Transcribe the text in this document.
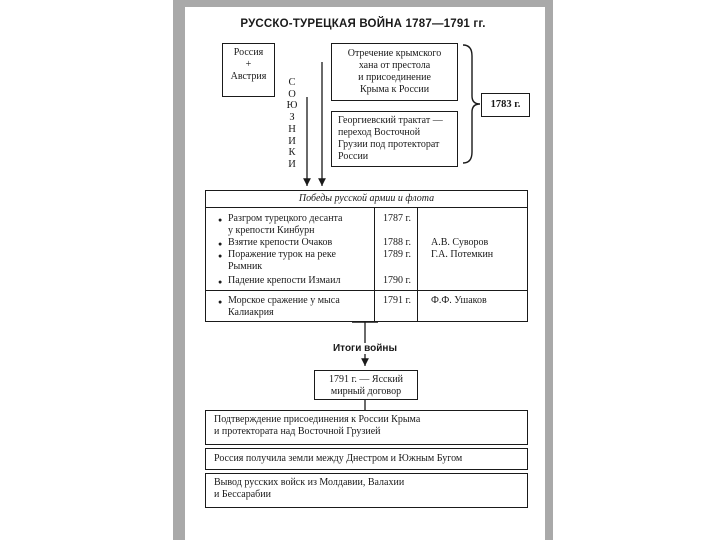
РУССКО-ТУРЕЦКАЯ ВОЙНА 1787—1791 гг.
Россия
+
Австрия
С
О
Ю
З
Н
И
К
И
Отречение крымского
хана от престола
и присоединение
Крыма к России
Георгиевский трактат —
переход Восточной
Грузии под протекторат
России
1783 г.
Победы русской армии и флота
● Разгром турецкого десанта
у крепости Кинбурн
1787 г.
● Взятие крепости Очаков	1788 г. А.В. Суворов
● Поражение турок на реке
Рымник
1789 г. Г.А. Потемкин
● Падение крепости Измаил	1790 г.
● Морское сражение у мыса
Калиакрия
1791 г. Ф.Ф. Ушаков
Итоги войны
1791 г. — Ясский
мирный договор
Подтверждение присоединения к России Крыма
и протектората над Восточной Грузией
Россия получила земли между Днестром и Южным Бугом
Вывод русских войск из Молдавии, Валахии
и Бессарабии
